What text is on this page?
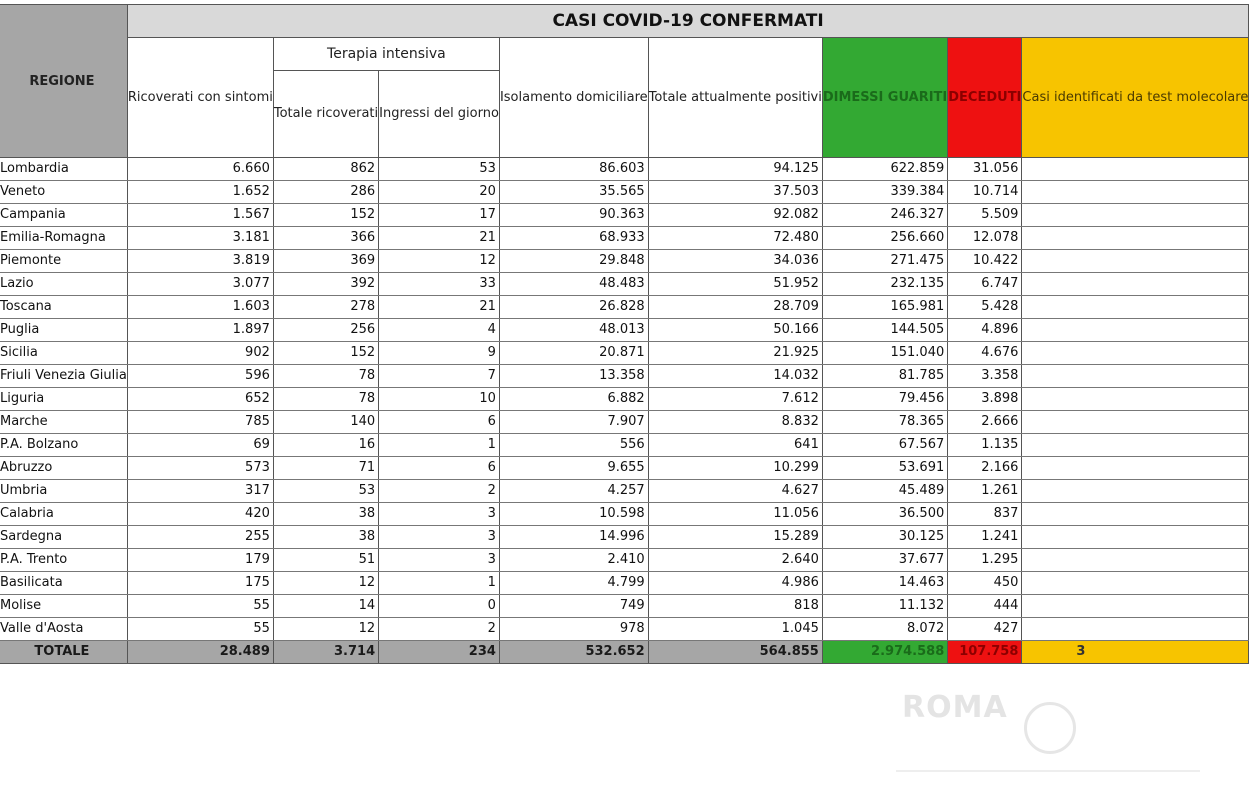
REGIONE	CASI COVID-19 CONFERMATI							
	Ricoverati con sintomi	Terapia intensiva		Isolamento domiciliare	Totale attualmente positivi	DIMESSI GUARITI	DECEDUTI	Casi identificati da test molecolare
		Totale ricoverati	Ingressi del giorno					
Lombardia	6.660	862	53	86.603	94.125	622.859	31.056	
Veneto	1.652	286	20	35.565	37.503	339.384	10.714	
Campania	1.567	152	17	90.363	92.082	246.327	5.509	
Emilia-Romagna	3.181	366	21	68.933	72.480	256.660	12.078	
Piemonte	3.819	369	12	29.848	34.036	271.475	10.422	
Lazio	3.077	392	33	48.483	51.952	232.135	6.747	
Toscana	1.603	278	21	26.828	28.709	165.981	5.428	
Puglia	1.897	256	4	48.013	50.166	144.505	4.896	
Sicilia	902	152	9	20.871	21.925	151.040	4.676	
Friuli Venezia Giulia	596	78	7	13.358	14.032	81.785	3.358	
Liguria	652	78	10	6.882	7.612	79.456	3.898	
Marche	785	140	6	7.907	8.832	78.365	2.666	
P.A. Bolzano	69	16	1	556	641	67.567	1.135	
Abruzzo	573	71	6	9.655	10.299	53.691	2.166	
Umbria	317	53	2	4.257	4.627	45.489	1.261	
Calabria	420	38	3	10.598	11.056	36.500	837	
Sardegna	255	38	3	14.996	15.289	30.125	1.241	
P.A. Trento	179	51	3	2.410	2.640	37.677	1.295	
Basilicata	175	12	1	4.799	4.986	14.463	450	
Molise	55	14	0	749	818	11.132	444	
Valle d'Aosta	55	12	2	978	1.045	8.072	427	
TOTALE	28.489	3.714	234	532.652	564.855	2.974.588	107.758	3
ROMA
